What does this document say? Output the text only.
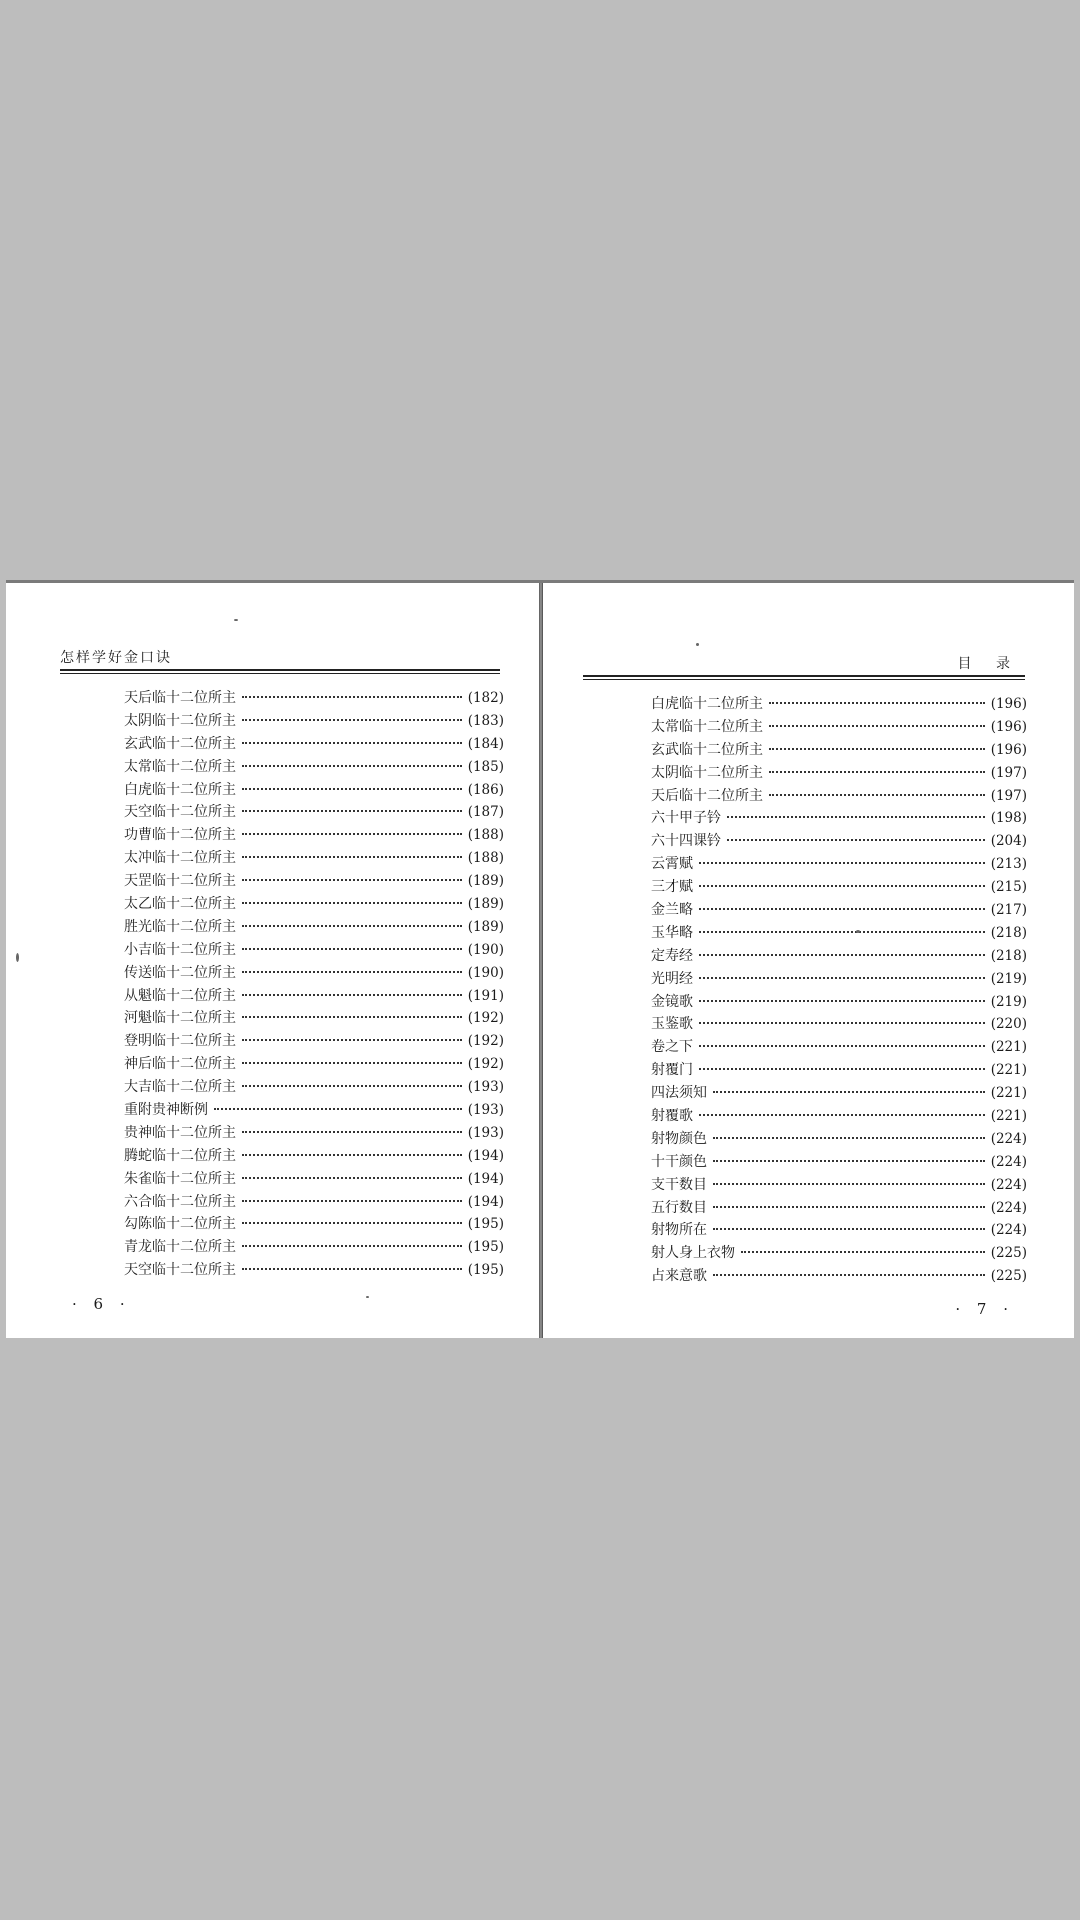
怎样学好金口诀
天后临十二位所主	(182)
太阴临十二位所主	(183)
玄武临十二位所主	(184)
太常临十二位所主	(185)
白虎临十二位所主	(186)
天空临十二位所主	(187)
功曹临十二位所主	(188)
太冲临十二位所主	(188)
天罡临十二位所主	(189)
太乙临十二位所主	(189)
胜光临十二位所主	(189)
小吉临十二位所主	(190)
传送临十二位所主	(190)
从魁临十二位所主	(191)
河魁临十二位所主	(192)
登明临十二位所主	(192)
神后临十二位所主	(192)
大吉临十二位所主	(193)
重附贵神断例	(193)
贵神临十二位所主	(193)
腾蛇临十二位所主	(194)
朱雀临十二位所主	(194)
六合临十二位所主	(194)
勾陈临十二位所主	(195)
青龙临十二位所主	(195)
天空临十二位所主	(195)
· 6 ·
目 录
白虎临十二位所主	(196)
太常临十二位所主	(196)
玄武临十二位所主	(196)
太阴临十二位所主	(197)
天后临十二位所主	(197)
六十甲子钤	(198)
六十四课钤	(204)
云霄赋	(213)
三才赋	(215)
金兰略	(217)
玉华略	(218)
定寿经	(218)
光明经	(219)
金镜歌	(219)
玉鉴歌	(220)
卷之下	(221)
射覆门	(221)
四法须知	(221)
射覆歌	(221)
射物颜色	(224)
十干颜色	(224)
支干数目	(224)
五行数目	(224)
射物所在	(224)
射人身上衣物	(225)
占来意歌	(225)
· 7 ·
